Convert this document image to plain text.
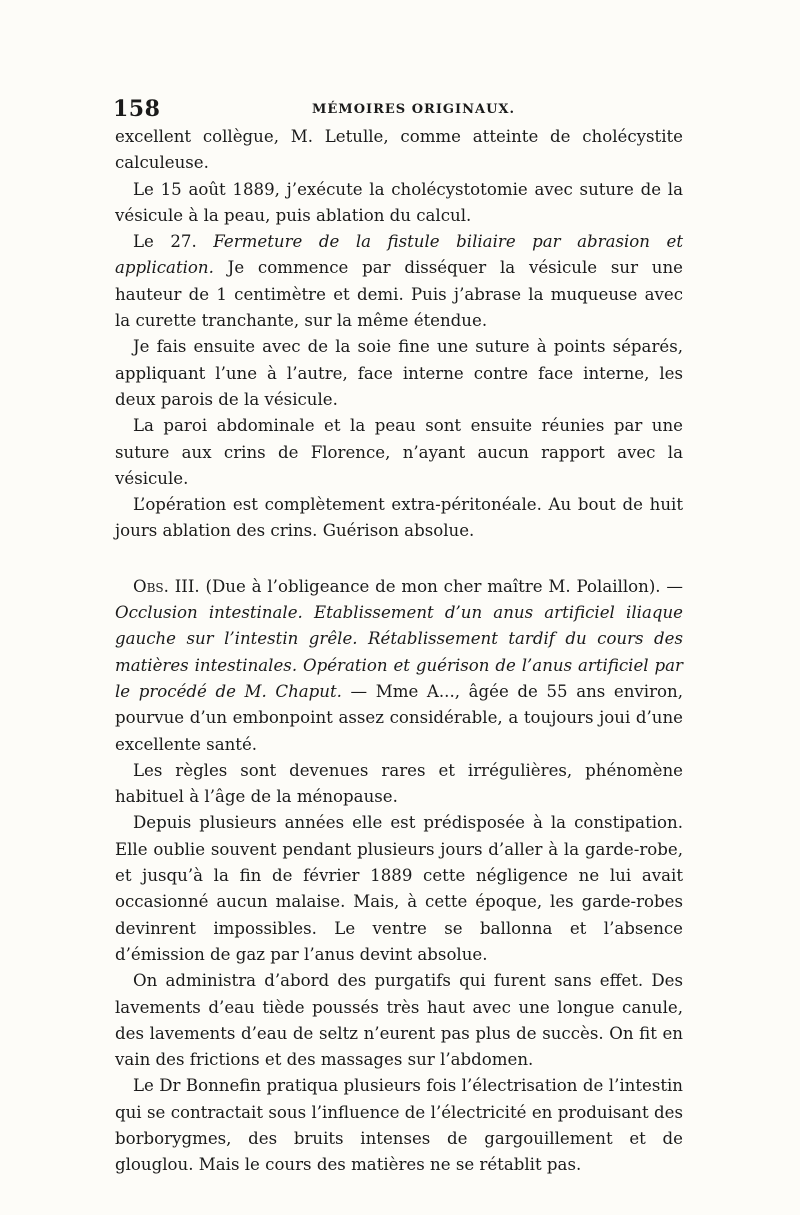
158	MÉMOIRES ORIGINAUX.

excellent collègue, M. Letulle, comme atteinte de cholécystite calculeuse.

Le 15 août 1889, j’exécute la cholécystotomie avec suture de la vésicule à la peau, puis ablation du calcul.

Le 27. Fermeture de la fistule biliaire par abrasion et application. Je commence par disséquer la vésicule sur une hauteur de 1 centimètre et demi. Puis j’abrase la muqueuse avec la curette tranchante, sur la même étendue.

Je fais ensuite avec de la soie fine une suture à points séparés, appliquant l’une à l’autre, face interne contre face interne, les deux parois de la vésicule.

La paroi abdominale et la peau sont ensuite réunies par une suture aux crins de Florence, n’ayant aucun rapport avec la vésicule.

L’opération est complètement extra-péritonéale. Au bout de huit jours ablation des crins. Guérison absolue.

Obs. III. (Due à l’obligeance de mon cher maître M. Polaillon). — Occlusion intestinale. Etablissement d’un anus artificiel iliaque gauche sur l’intestin grêle. Rétablissement tardif du cours des matières intestinales. Opération et guérison de l’anus artificiel par le procédé de M. Chaput. — Mme A..., âgée de 55 ans environ, pourvue d’un embonpoint assez considérable, a toujours joui d’une excellente santé.

Les règles sont devenues rares et irrégulières, phénomène habituel à l’âge de la ménopause.

Depuis plusieurs années elle est prédisposée à la constipation. Elle oublie souvent pendant plusieurs jours d’aller à la garde-robe, et jusqu’à la fin de février 1889 cette négligence ne lui avait occasionné aucun malaise. Mais, à cette époque, les garde-robes devinrent impossibles. Le ventre se ballonna et l’absence d’émission de gaz par l’anus devint absolue.

On administra d’abord des purgatifs qui furent sans effet. Des lavements d’eau tiède poussés très haut avec une longue canule, des lavements d’eau de seltz n’eurent pas plus de succès. On fit en vain des frictions et des massages sur l’abdomen.

Le Dr Bonnefin pratiqua plusieurs fois l’électrisation de l’intestin qui se contractait sous l’influence de l’électricité en produisant des borborygmes, des bruits intenses de gargouillement et de glouglou. Mais le cours des matières ne se rétablit pas.
